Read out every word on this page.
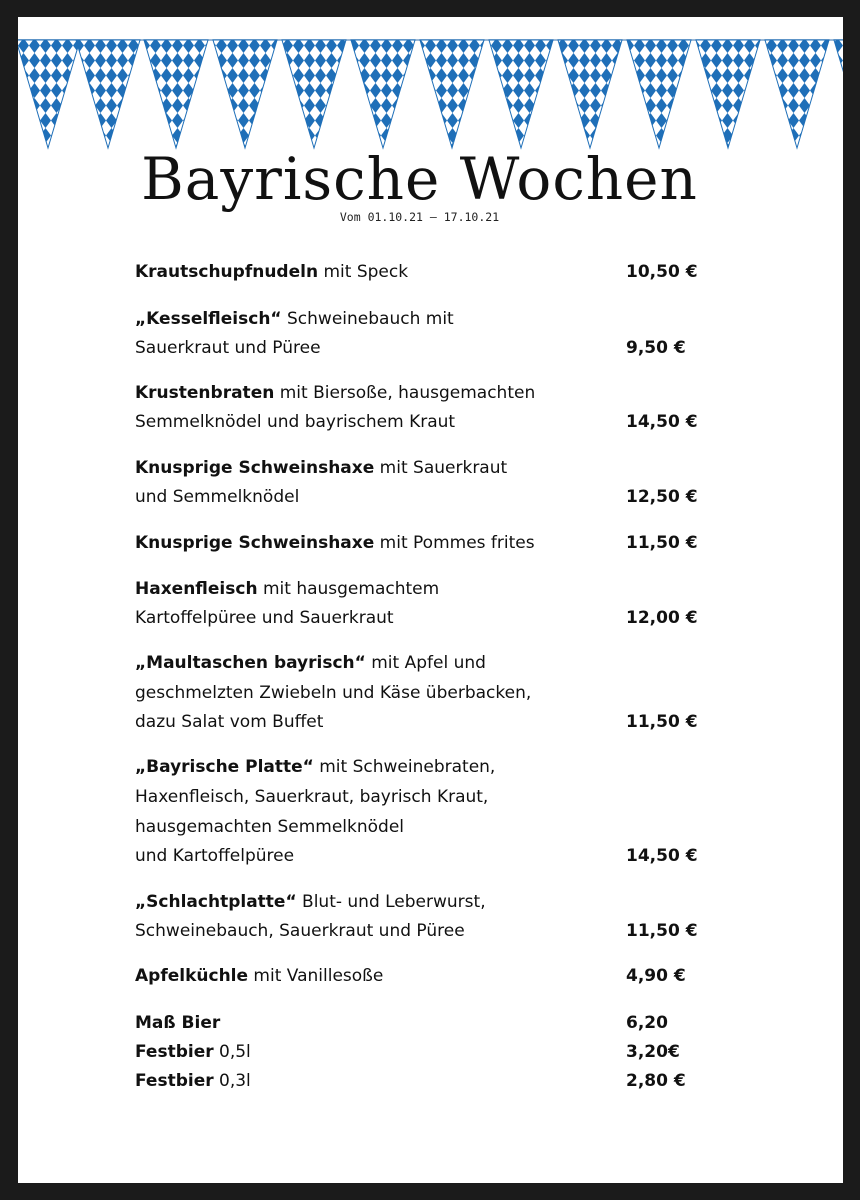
Bayrische Wochen
Vom 01.10.21 – 17.10.21
Krautschupfnudeln mit Speck	10,50 €
„Kesselfleisch“ Schweinebauch mit
Sauerkraut und Püree	9,50 €
Krustenbraten mit Biersoße, hausgemachten
Semmelknödel und bayrischem Kraut	14,50 €
Knusprige Schweinshaxe mit Sauerkraut
und Semmelknödel	12,50 €
Knusprige Schweinshaxe mit Pommes frites	11,50 €
Haxenfleisch mit hausgemachtem
Kartoffelpüree und Sauerkraut	12,00 €
„Maultaschen bayrisch“ mit Apfel und
geschmelzten Zwiebeln und Käse überbacken,
dazu Salat vom Buffet	11,50 €
„Bayrische Platte“ mit Schweinebraten,
Haxenfleisch, Sauerkraut, bayrisch Kraut,
hausgemachten Semmelknödel
und Kartoffelpüree	14,50 €
„Schlachtplatte“ Blut- und Leberwurst,
Schweinebauch, Sauerkraut und Püree	11,50 €
Apfelküchle mit Vanillesoße	4,90 €
Maß Bier	6,20
Festbier 0,5l	3,20€
Festbier 0,3l	2,80 €
